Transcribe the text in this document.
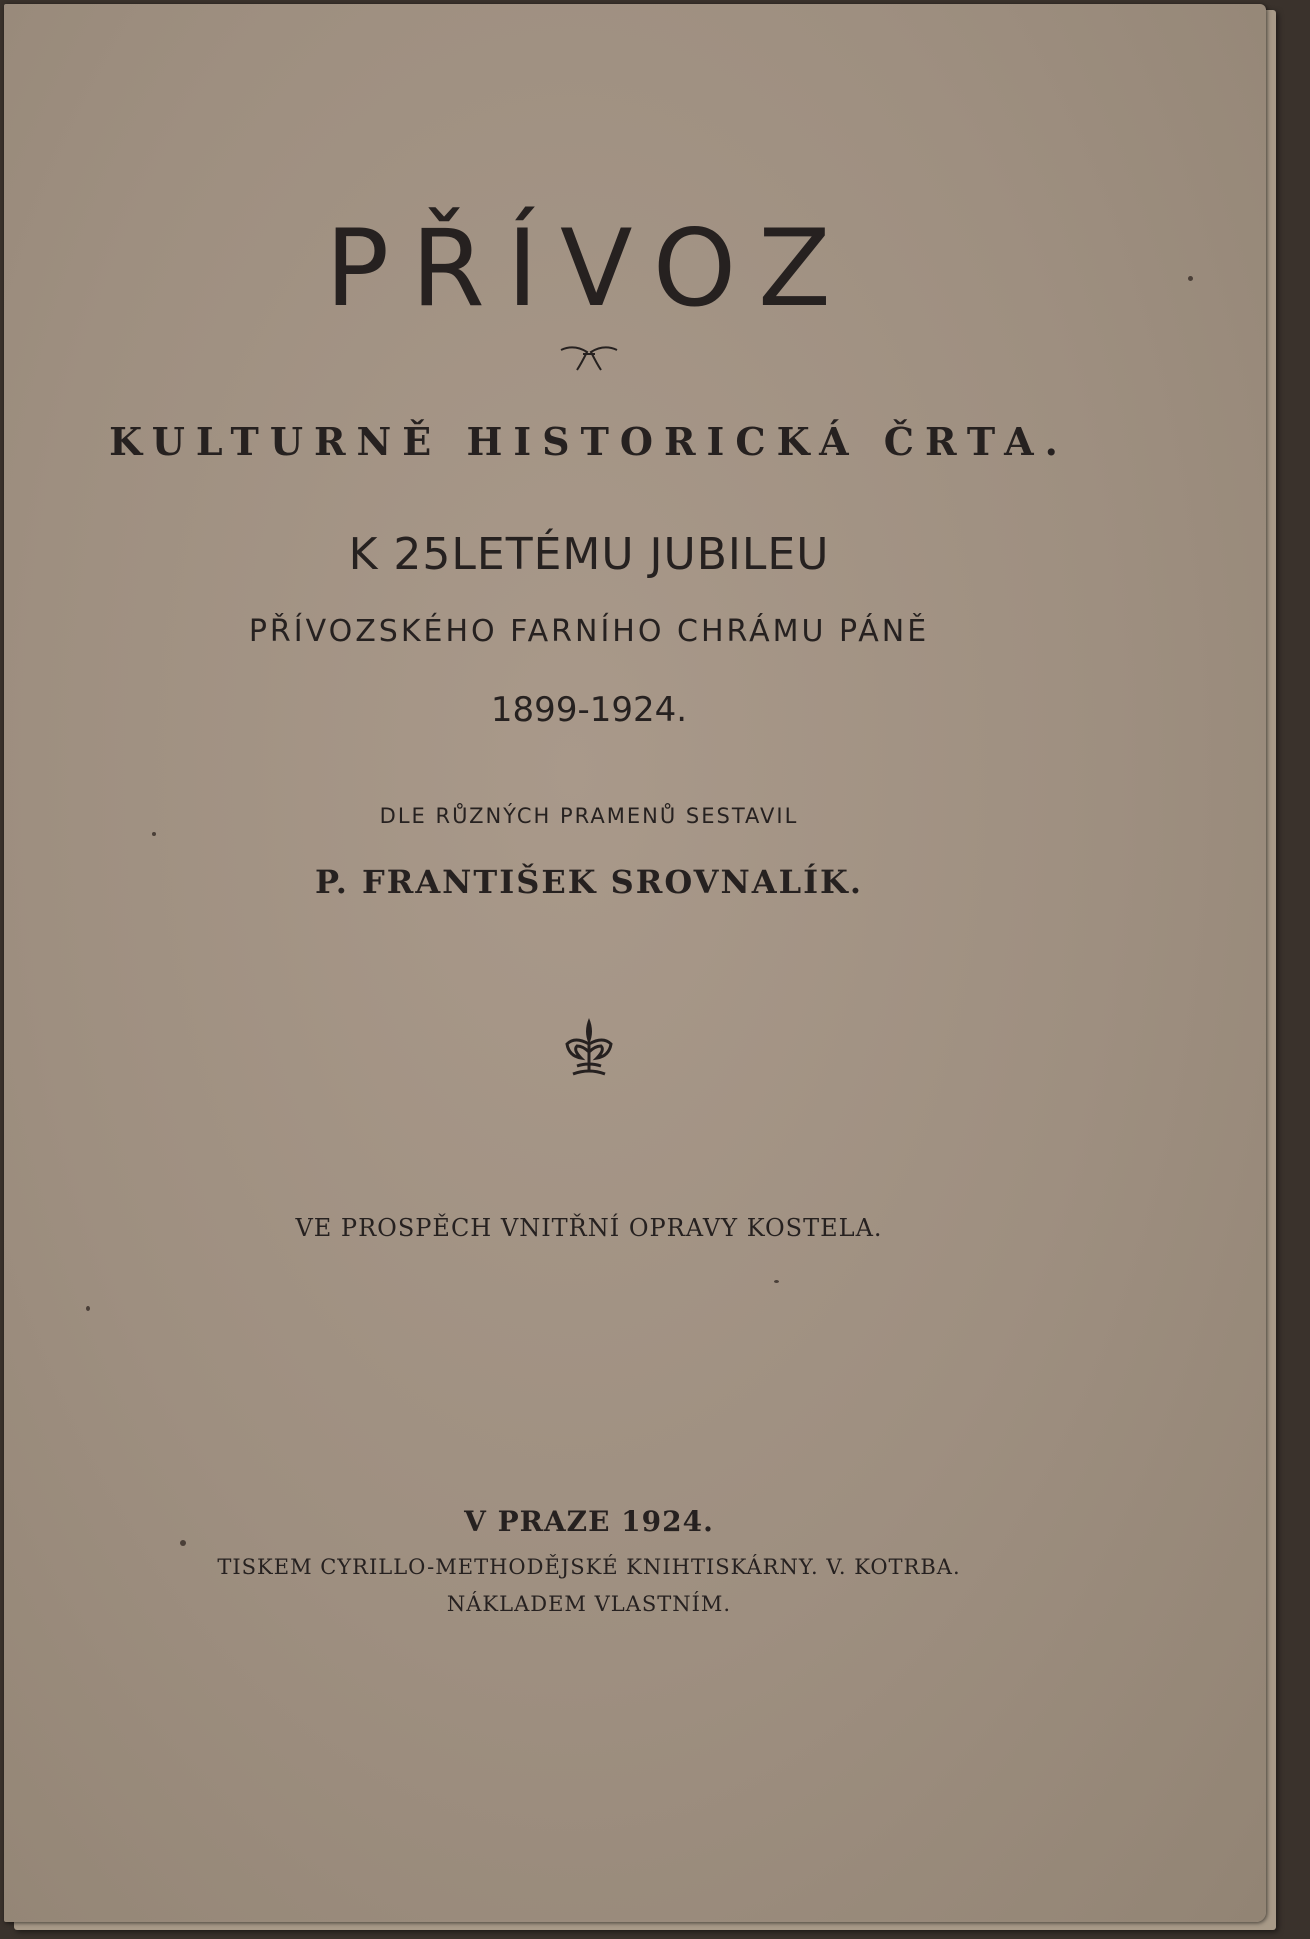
PŘÍVOZ
KULTURNĚ HISTORICKÁ ČRTA.
K 25LETÉMU JUBILEU
PŘÍVOZSKÉHO FARNÍHO CHRÁMU PÁNĚ
1899-1924.
DLE RŮZNÝCH PRAMENŮ SESTAVIL
P. FRANTIŠEK SROVNALÍK.
VE PROSPĚCH VNITŘNÍ OPRAVY KOSTELA.
V PRAZE 1924.
TISKEM CYRILLO-METHODĚJSKÉ KNIHTISKÁRNY. V. KOTRBA.
NÁKLADEM VLASTNÍM.
